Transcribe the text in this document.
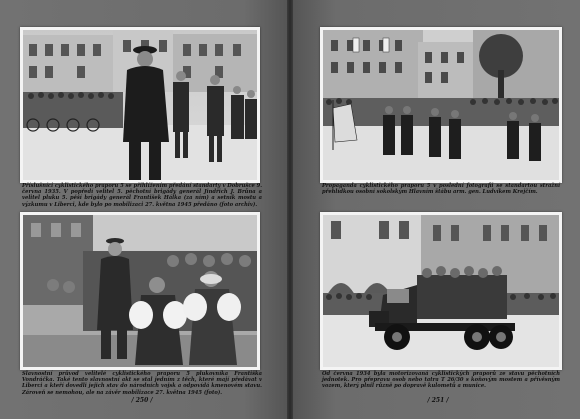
Příslušníci cyklistického praporu 5 se přihlížením předání standarty v Dobrušce 9. června 1935. V popředí velitel 5. pěchotní brigády generál Jindřich J. Brůna a velitel pluku 5. pěší brigády generál František Hálka (za ním) a setník mostu a výzkumu v Liberci, kde bylo po mobilizaci 27. května 1945 předáno (foto archiv).
Propaganda cyklistického praporu 5 v poslední fotografii se standartou stražní přehlídkou osobní sokolským Hlavním štábu arm. gen. Ludvíkem Krejčím.
Slavnostní průvod velitelé cyklistického praporu 5 plukovníka Františka Vondráčka. Také tento slavnostní akt se stal jedním z těch, které mají předávat v Liberci a kteří dovedli jejich stav do národních vojsk a odpovídá kmenovém stavu. Zároveň se nemohou, ale na závěr mobilizace 27. května 1945 (foto).
Od června 1934 byla motorizovaná cyklistických praporů ze stavu pěchotních jednotek. Pro přepravu osob nebo tatra T 26/30 s koňovým mostem a přívěsným vozem, který plnil různě po dopravě kulometů a munice.
/ 250 /	/ 251 /
